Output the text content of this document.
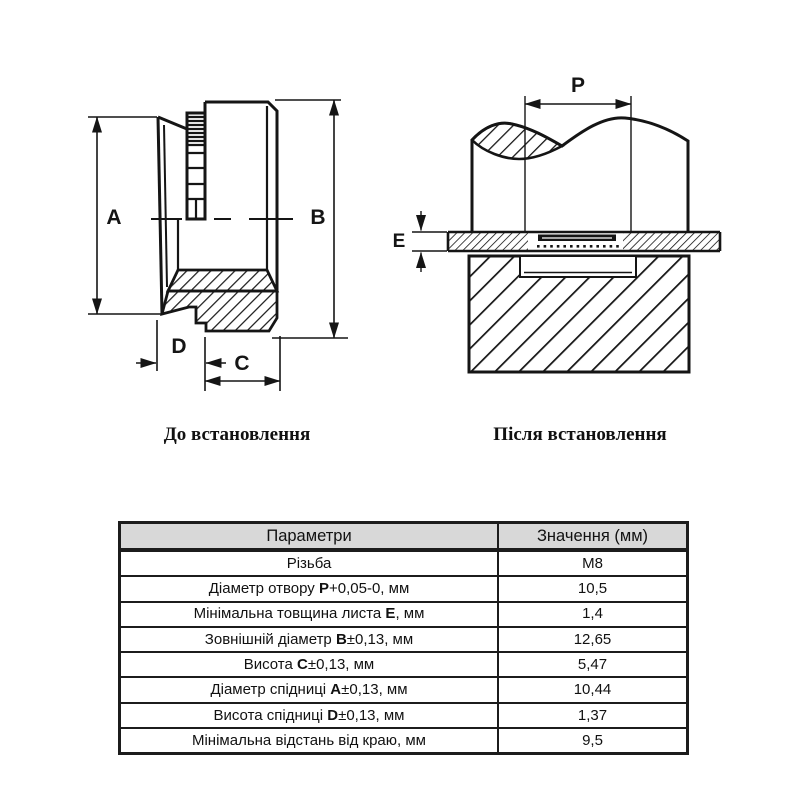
A	B
C
D
E
P
До встановлення	Після встановлення
Параметри	Значення (мм)
Різьба	М8
Діаметр отвору P+0,05-0, мм	10,5
Мінімальна товщина листа E, мм	1,4
Зовнішній діаметр B±0,13, мм	12,65
Висота C±0,13, мм	5,47
Діаметр спідниці A±0,13, мм	10,44
Висота спідниці D±0,13, мм	1,37
Мінімальна відстань від краю, мм	9,5
